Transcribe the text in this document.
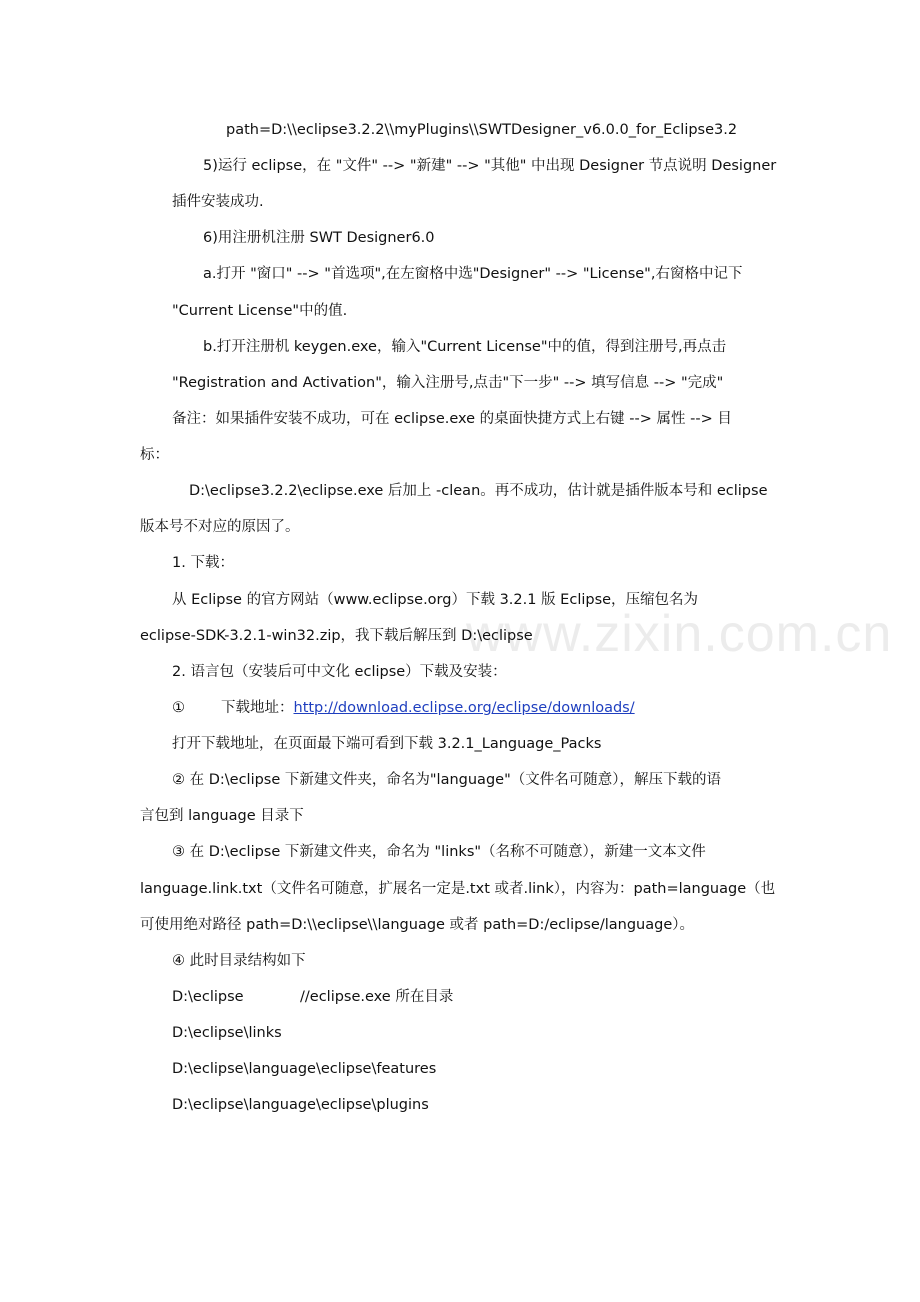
www.zixin.com.cn
path=D:\\eclipse3.2.2\\myPlugins\\SWTDesigner_v6.0.0_for_Eclipse3.2
5)运行 eclipse，在 "文件" --> "新建" --> "其他" 中出现 Designer 节点说明 Designer
插件安装成功.
6)用注册机注册 SWT Designer6.0
a.打开 "窗口" --> "首选项",在左窗格中选"Designer" --> "License",右窗格中记下
"Current License"中的值.
b.打开注册机 keygen.exe，输入"Current License"中的值，得到注册号,再点击
"Registration and Activation"，输入注册号,点击"下一步" --> 填写信息 --> "完成"
备注：如果插件安装不成功，可在 eclipse.exe 的桌面快捷方式上右键 --> 属性 --> 目
标：
D:\eclipse3.2.2\eclipse.exe 后加上 -clean。再不成功，估计就是插件版本号和 eclipse
版本号不对应的原因了。
1. 下载：
从 Eclipse 的官方网站（www.eclipse.org）下载 3.2.1 版 Eclipse，压缩包名为
eclipse-SDK-3.2.1-win32.zip，我下载后解压到 D:\eclipse
2. 语言包（安装后可中文化 eclipse）下载及安装：
① 下载地址：http://download.eclipse.org/eclipse/downloads/
打开下载地址，在页面最下端可看到下载 3.2.1_Language_Packs
② 在 D:\eclipse 下新建文件夹，命名为"language"（文件名可随意），解压下载的语
言包到 language 目录下
③ 在 D:\eclipse 下新建文件夹，命名为 "links"（名称不可随意），新建一文本文件
language.link.txt（文件名可随意，扩展名一定是.txt 或者.link），内容为：path=language（也
可使用绝对路径 path=D:\\eclipse\\language 或者 path=D:/eclipse/language）。
④ 此时目录结构如下
D:\eclipse	//eclipse.exe 所在目录
D:\eclipse\links
D:\eclipse\language\eclipse\features
D:\eclipse\language\eclipse\plugins
